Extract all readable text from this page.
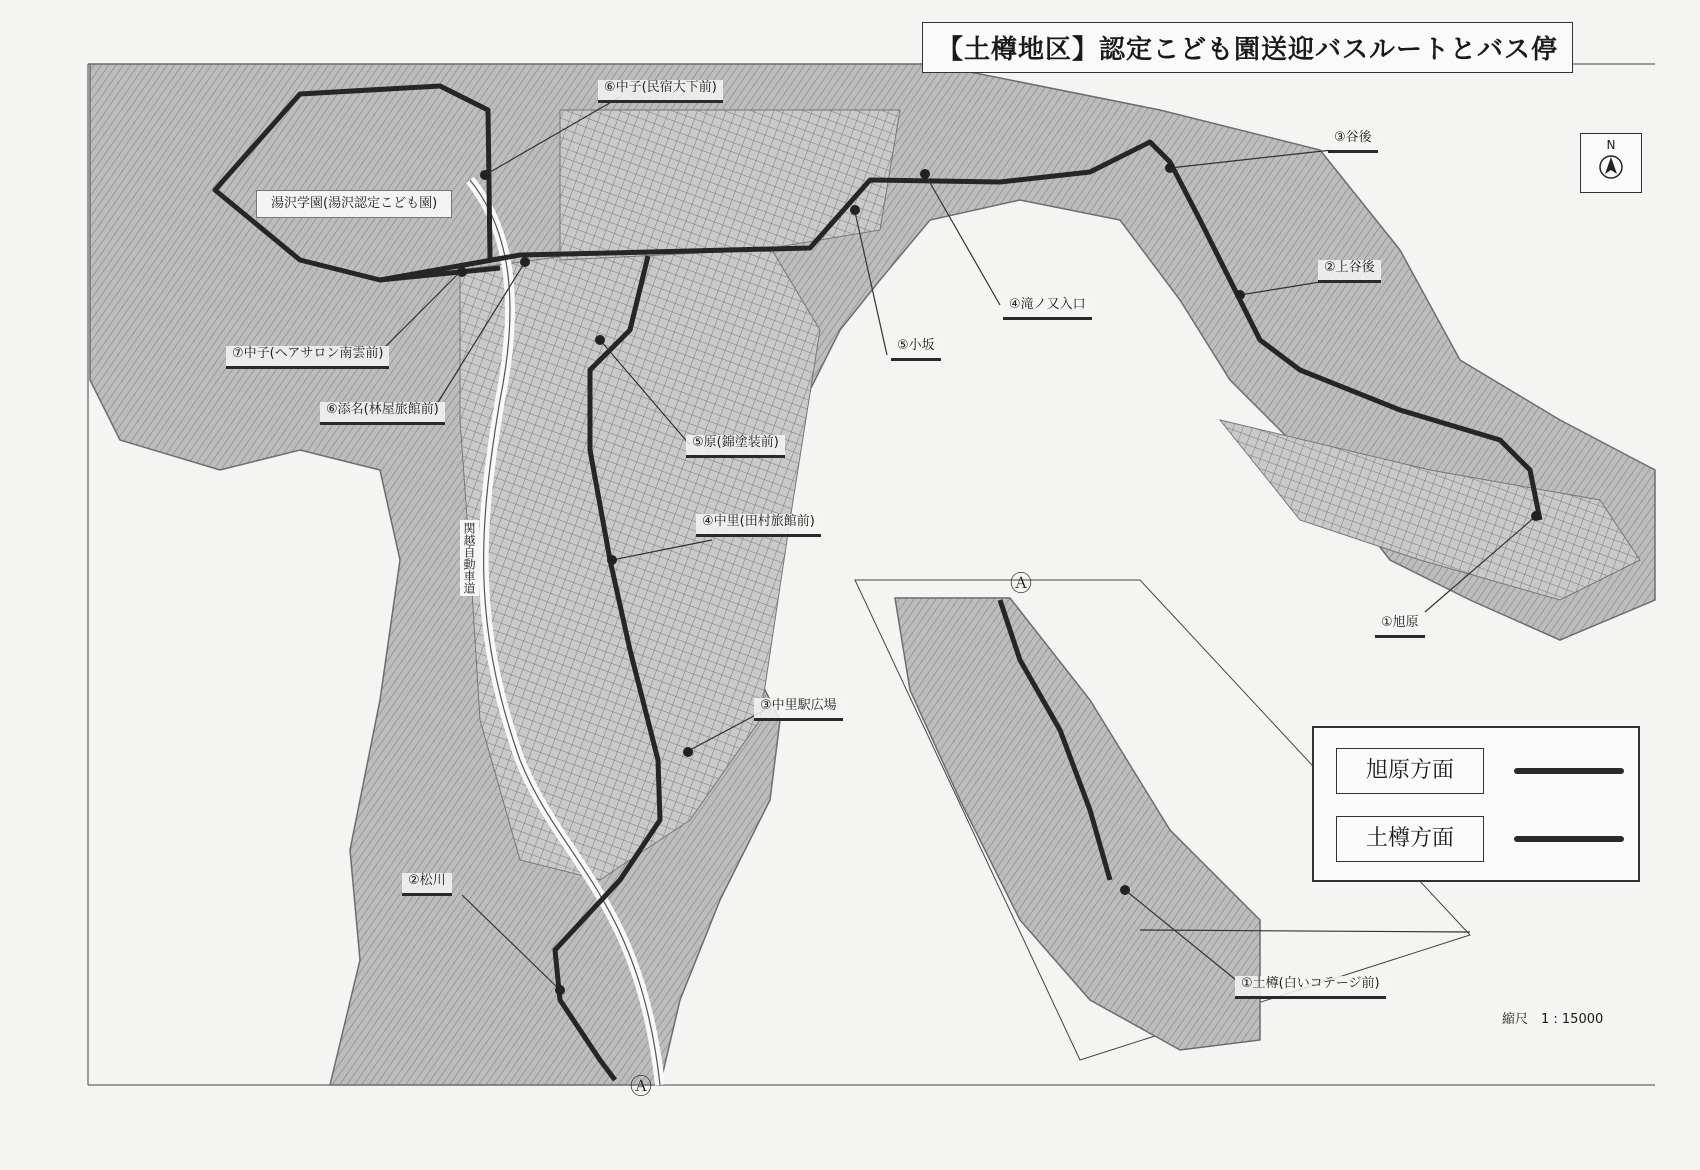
【土樽地区】認定こども園送迎バスルートとバス停
N
湯沢学園(湯沢認定こども園)
⑥中子(民宿大下前)
⑦中子(ヘアサロン南雲前)
⑥添名(林屋旅館前)
⑤原(錦塗装前)
④中里(田村旅館前)
③中里駅広場
②松川
⑤小坂
④滝ノ又入口
③谷後
②上谷後
①旭原
①土樽(白いコテージ前)
関越自動車道
Ⓐ
Ⓐ
旭原方面
土樽方面
縮尺　1 : 15000
